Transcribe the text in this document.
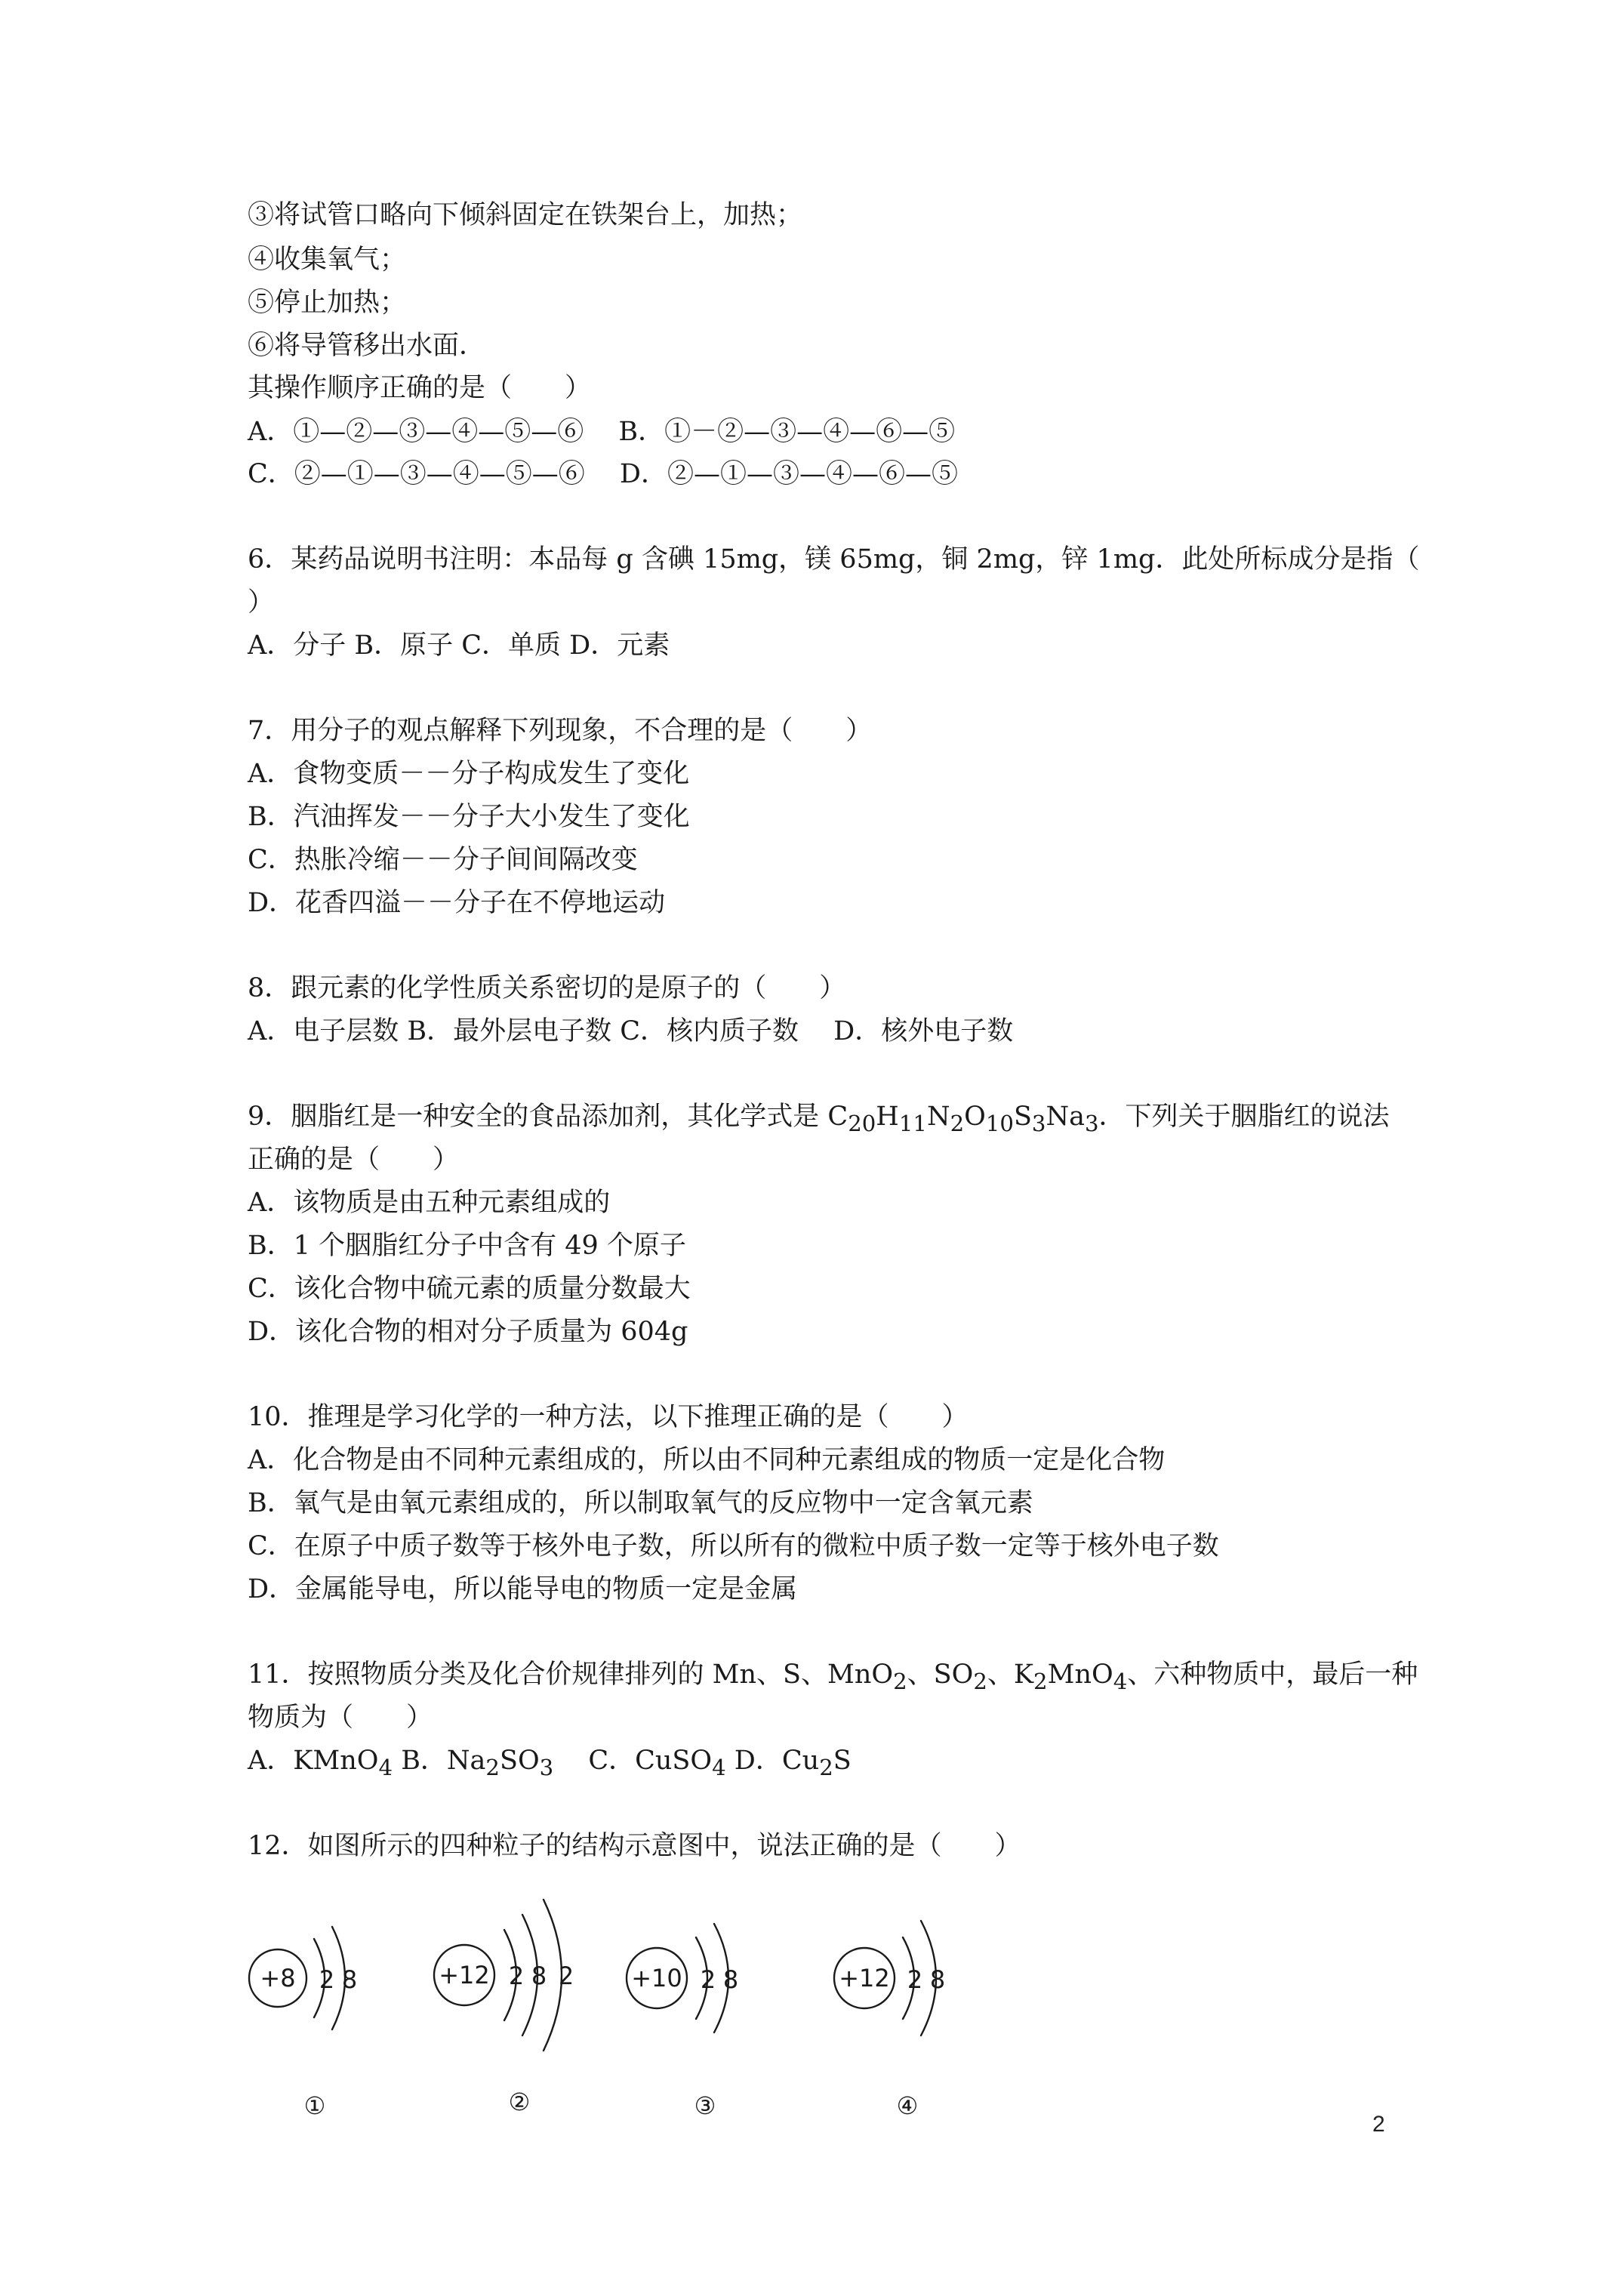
③将试管口略向下倾斜固定在铁架台上，加热；
④收集氧气；
⑤停止加热；
⑥将导管移出水面．
其操作顺序正确的是（　　）
A．①—②—③—④—⑤—⑥　 B．①－②—③—④—⑥—⑤
C．②—①—③—④—⑤—⑥　 D．②—①—③—④—⑥—⑤
6．某药品说明书注明：本品每 g 含碘 15mg，镁 65mg，铜 2mg，锌 1mg．此处所标成分是指（
）
A．分子 B．原子 C．单质 D．元素
7．用分子的观点解释下列现象，不合理的是（　　）
A．食物变质－－分子构成发生了变化
B．汽油挥发－－分子大小发生了变化
C．热胀冷缩－－分子间间隔改变
D．花香四溢－－分子在不停地运动
8．跟元素的化学性质关系密切的是原子的（　　）
A．电子层数 B．最外层电子数 C．核内质子数　 D．核外电子数
9．胭脂红是一种安全的食品添加剂，其化学式是 $C_{20}H_{11}N_2O_{10}S_3Na_3$．下列关于胭脂红的说法
正确的是（　　）
A．该物质是由五种元素组成的
B．1 个胭脂红分子中含有 49 个原子
C．该化合物中硫元素的质量分数最大
D．该化合物的相对分子质量为 604g
10．推理是学习化学的一种方法，以下推理正确的是（　　）
A．化合物是由不同种元素组成的，所以由不同种元素组成的物质一定是化合物
B．氧气是由氧元素组成的，所以制取氧气的反应物中一定含氧元素
C．在原子中质子数等于核外电子数，所以所有的微粒中质子数一定等于核外电子数
D．金属能导电，所以能导电的物质一定是金属
11．按照物质分类及化合价规律排列的 Mn、S、MnO$_2$、$SO_2$、$K_2MnO_4$、六种物质中，最后一种
物质为（　　）
A．KMnO$_4$ B．$Na_2SO_3$　 C．CuSO$_4$ D．$Cu_2S$
12．如图所示的四种粒子的结构示意图中，说法正确的是（　　）
+8 2 8
①
+12 2 8 2
②
+10 2 8
③
+12 2 8
④
2
